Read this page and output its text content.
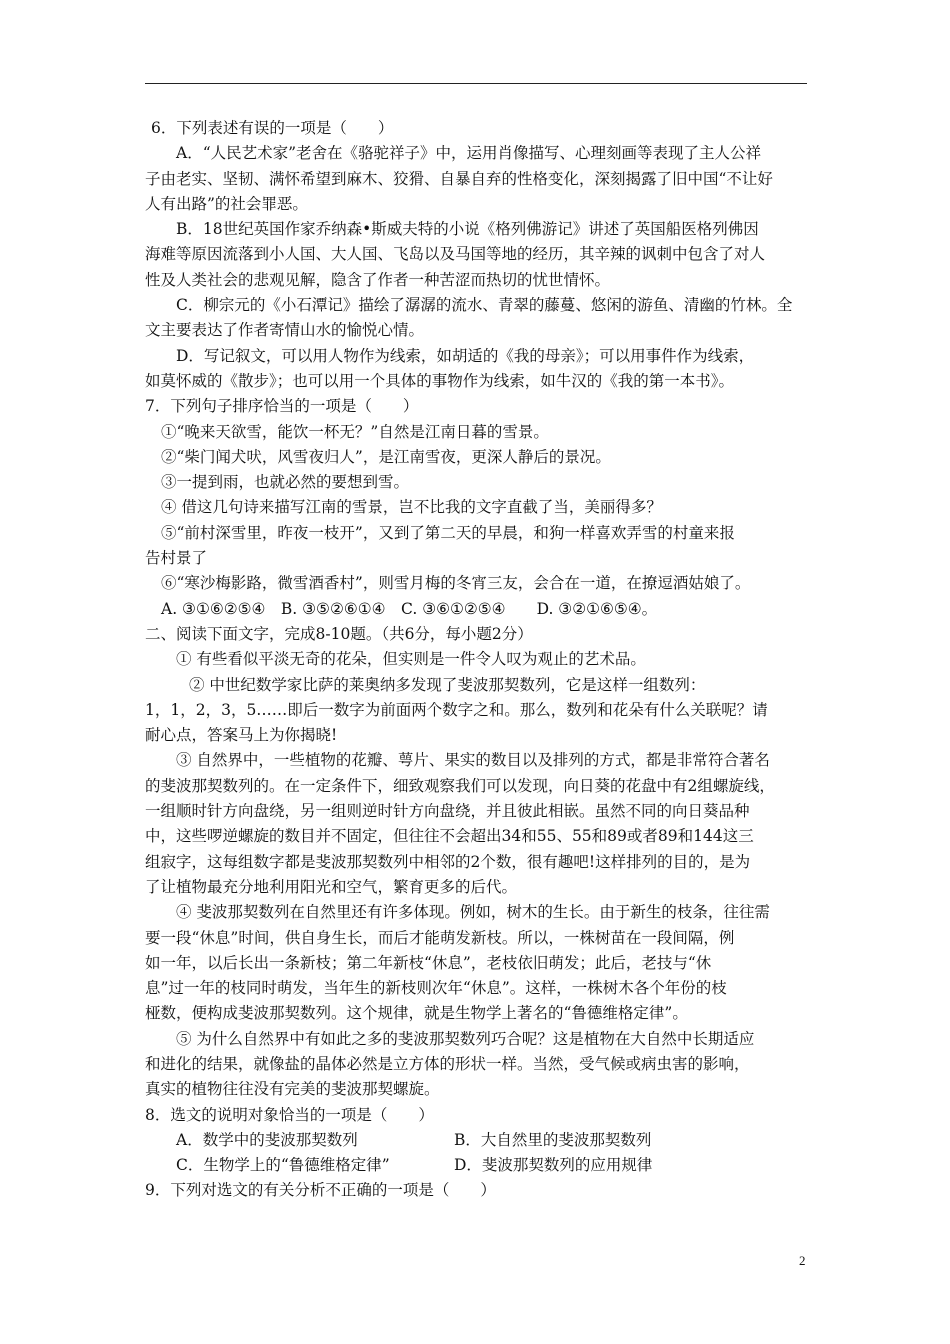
6．下列表述有误的一项是（　　）

A．“人民艺术家”老舍在《骆驼祥子》中，运用肖像描写、心理刻画等表现了主人公祥

子由老实、坚韧、满怀希望到麻木、狡猾、自暴自弃的性格变化，深刻揭露了旧中国“不让好

人有出路”的社会罪恶。

B．18世纪英国作家乔纳森•斯威夫特的小说《格列佛游记》讲述了英国船医格列佛因

海难等原因流落到小人国、大人国、飞岛以及马国等地的经历，其辛辣的讽刺中包含了对人

性及人类社会的悲观见解，隐含了作者一种苦涩而热切的忧世情怀。

C．柳宗元的《小石潭记》描绘了潺潺的流水、青翠的藤蔓、悠闲的游鱼、清幽的竹林。全

文主要表达了作者寄情山水的愉悦心情。

D．写记叙文，可以用人物作为线索，如胡适的《我的母亲》；可以用事件作为线索，

如莫怀威的《散步》；也可以用一个具体的事物作为线索，如牛汉的《我的第一本书》。

7．下列句子排序恰当的一项是（　　）

①“晚来天欲雪，能饮一杯无？”自然是江南日暮的雪景。

②“柴门闻犬吠，风雪夜归人”，是江南雪夜，更深人静后的景况。

③一提到雨，也就必然的要想到雪。

④ 借这几句诗来描写江南的雪景，岂不比我的文字直截了当，美丽得多？

⑤“前村深雪里，昨夜一枝开”，又到了第二天的早晨，和狗一样喜欢弄雪的村童来报

告村景了

⑥“寒沙梅影路，微雪酒香村”，则雪月梅的冬宵三友，会合在一道，在撩逗酒姑娘了。

A. ③①⑥②⑤④　B. ③⑤②⑥①④　C. ③⑥①②⑤④　　D. ③②①⑥⑤④。

二、阅读下面文字，完成8-10题。（共6分，每小题2分）

① 有些看似平淡无奇的花朵，但实则是一件令人叹为观止的艺术品。

② 中世纪数学家比萨的莱奥纳多发现了斐波那契数列，它是这样一组数列：

1，1，2，3，5……即后一数字为前面两个数字之和。那么，数列和花朵有什么关联呢？请

耐心点，答案马上为你揭晓!

③ 自然界中，一些植物的花瓣、萼片、果实的数目以及排列的方式，都是非常符合著名

的斐波那契数列的。在一定条件下，细致观察我们可以发现，向日葵的花盘中有2组螺旋线，

一组顺时针方向盘绕，另一组则逆时针方向盘绕，并且彼此相嵌。虽然不同的向日葵品种

中，这些啰逆螺旋的数目并不固定，但往往不会超出34和55、55和89或者89和144这三

组寂字，这每组数字都是斐波那契数列中相邻的2个数，很有趣吧!这样排列的目的，是为

了让植物最充分地利用阳光和空气，繁育更多的后代。

④ 斐波那契数列在自然里还有许多体现。例如，树木的生长。由于新生的枝条，往往需

要一段“休息”时间，供自身生长，而后才能萌发新枝。所以，一株树苗在一段间隔，例

如一年，以后长出一条新枝；第二年新枝“休息”，老枝依旧萌发；此后，老技与“休

息”过一年的枝同时萌发，当年生的新枝则次年“休息”。这样，一株树木各个年份的枝

桠数，便构成斐波那契数列。这个规律，就是生物学上著名的“鲁德维格定律”。

⑤ 为什么自然界中有如此之多的斐波那契数列巧合呢？这是植物在大自然中长期适应

和进化的结果，就像盐的晶体必然是立方体的形状一样。当然，受气候或病虫害的影响，

真实的植物往往没有完美的斐波那契螺旋。

8．选文的说明对象恰当的一项是（　　）

A．数学中的斐波那契数列	B．大自然里的斐波那契数列
C．生物学上的“鲁德维格定律”	D．斐波那契数列的应用规律

9．下列对选文的有关分析不正确的一项是（　　）

2
